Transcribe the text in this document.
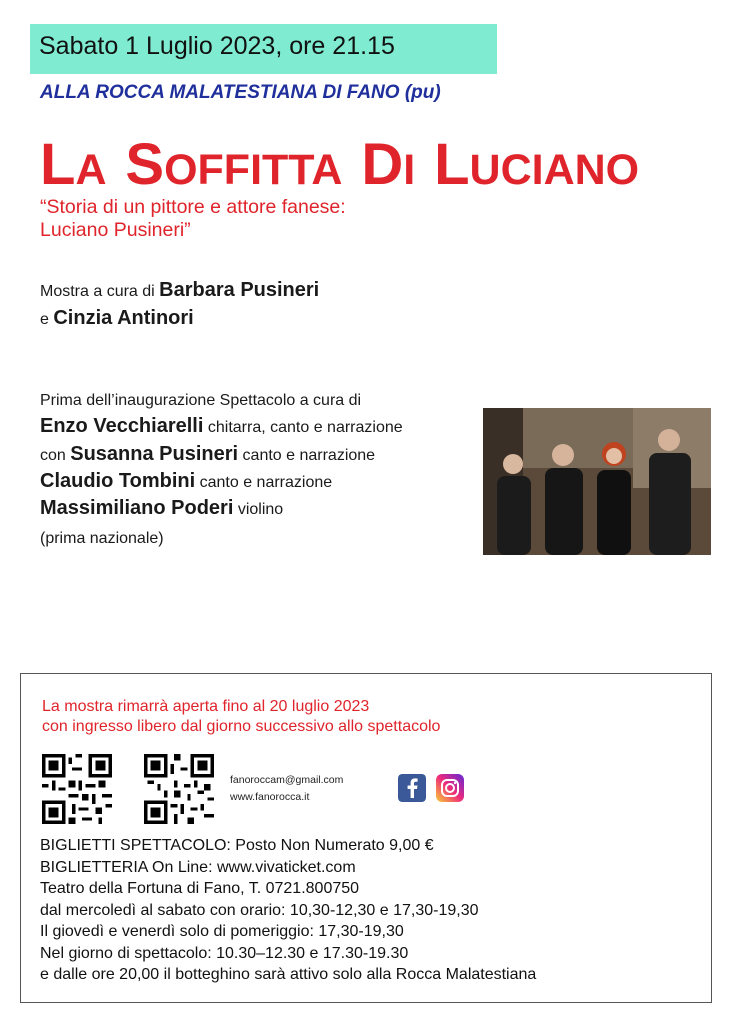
Sabato 1 Luglio 2023, ore 21.15
ALLA ROCCA MALATESTIANA DI FANO (pu)
LA SOFFITTA DI LUCIANO
“Storia di un pittore e attore fanese:
Luciano Pusineri”
Mostra a cura di Barbara Pusineri
e Cinzia Antinori
Prima dell’inaugurazione Spettacolo a cura di
Enzo Vecchiarelli chitarra, canto e narrazione
con Susanna Pusineri canto e narrazione
Claudio Tombini canto e narrazione
Massimiliano Poderi violino
(prima nazionale)
La mostra rimarrà aperta fino al 20 luglio 2023
con ingresso libero dal giorno successivo allo spettacolo
fanoroccam@gmail.com
www.fanorocca.it
BIGLIETTI SPETTACOLO: Posto Non Numerato 9,00 €
BIGLIETTERIA On Line: www.vivaticket.com
Teatro della Fortuna di Fano, T. 0721.800750
dal mercoledì al sabato con orario: 10,30-12,30 e 17,30-19,30
Il giovedì e venerdì solo di pomeriggio: 17,30-19,30
Nel giorno di spettacolo: 10.30–12.30 e 17.30-19.30
e dalle ore 20,00 il botteghino sarà attivo solo alla Rocca Malatestiana
